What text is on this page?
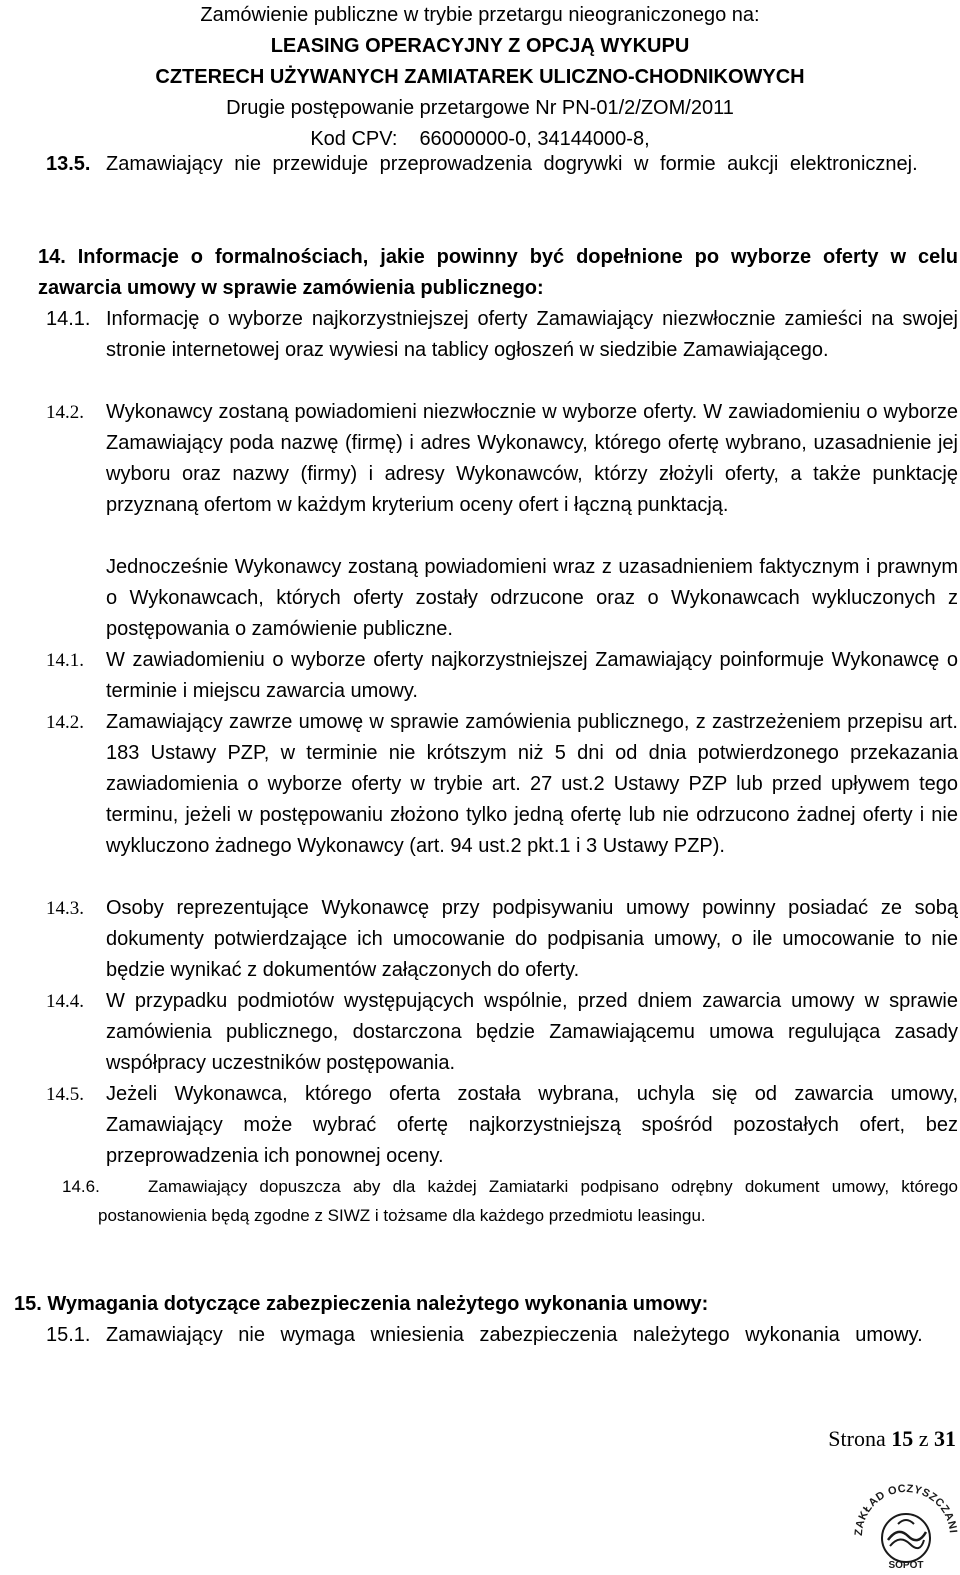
Zamówienie publiczne w trybie przetargu nieograniczonego na:
LEASING OPERACYJNY Z OPCJĄ WYKUPU
CZTERECH UŻYWANYCH ZAMIATAREK ULICZNO-CHODNIKOWYCH
Drugie postępowanie przetargowe Nr PN-01/2/ZOM/2011
Kod CPV: 66000000-0, 34144000-8,
13.5. Zamawiający nie przewiduje przeprowadzenia dogrywki w formie aukcji elektronicznej.
14. Informacje o formalnościach, jakie powinny być dopełnione po wyborze oferty w celu zawarcia umowy w sprawie zamówienia publicznego:
14.1. Informację o wyborze najkorzystniejszej oferty Zamawiający niezwłocznie zamieści na swojej stronie internetowej oraz wywiesi na tablicy ogłoszeń w siedzibie Zamawiającego.
14.2. Wykonawcy zostaną powiadomieni niezwłocznie w wyborze oferty. W zawiadomieniu o wyborze Zamawiający poda nazwę (firmę) i adres Wykonawcy, którego ofertę wybrano, uzasadnienie jej wyboru oraz nazwy (firmy) i adresy Wykonawców, którzy złożyli oferty, a także punktację przyznaną ofertom w każdym kryterium oceny ofert i łączną punktacją.
Jednocześnie Wykonawcy zostaną powiadomieni wraz z uzasadnieniem faktycznym i prawnym o Wykonawcach, których oferty zostały odrzucone oraz o Wykonawcach wykluczonych z postępowania o zamówienie publiczne.
14.1. W zawiadomieniu o wyborze oferty najkorzystniejszej Zamawiający poinformuje Wykonawcę o terminie i miejscu zawarcia umowy.
14.2. Zamawiający zawrze umowę w sprawie zamówienia publicznego, z zastrzeżeniem przepisu art. 183 Ustawy PZP, w terminie nie krótszym niż 5 dni od dnia potwierdzonego przekazania zawiadomienia o wyborze oferty w trybie art. 27 ust.2 Ustawy PZP lub przed upływem tego terminu, jeżeli w postępowaniu złożono tylko jedną ofertę lub nie odrzucono żadnej oferty i nie wykluczono żadnego Wykonawcy (art. 94 ust.2 pkt.1 i 3 Ustawy PZP).
14.3. Osoby reprezentujące Wykonawcę przy podpisywaniu umowy powinny posiadać ze sobą dokumenty potwierdzające ich umocowanie do podpisania umowy, o ile umocowanie to nie będzie wynikać z dokumentów załączonych do oferty.
14.4. W przypadku podmiotów występujących wspólnie, przed dniem zawarcia umowy w sprawie zamówienia publicznego, dostarczona będzie Zamawiającemu umowa regulująca zasady współpracy uczestników postępowania.
14.5. Jeżeli Wykonawca, którego oferta została wybrana, uchyla się od zawarcia umowy, Zamawiający może wybrać ofertę najkorzystniejszą spośród pozostałych ofert, bez przeprowadzenia ich ponownej oceny.
14.6.	Zamawiający dopuszcza aby dla każdej Zamiatarki podpisano odrębny dokument umowy, którego postanowienia będą zgodne z SIWZ i tożsame dla każdego przedmiotu leasingu.
15. Wymagania dotyczące zabezpieczenia należytego wykonania umowy:
15.1. Zamawiający nie wymaga wniesienia zabezpieczenia należytego wykonania umowy.
Strona 15 z 31
ZAKŁAD OCZYSZCZANI
SOPOT
